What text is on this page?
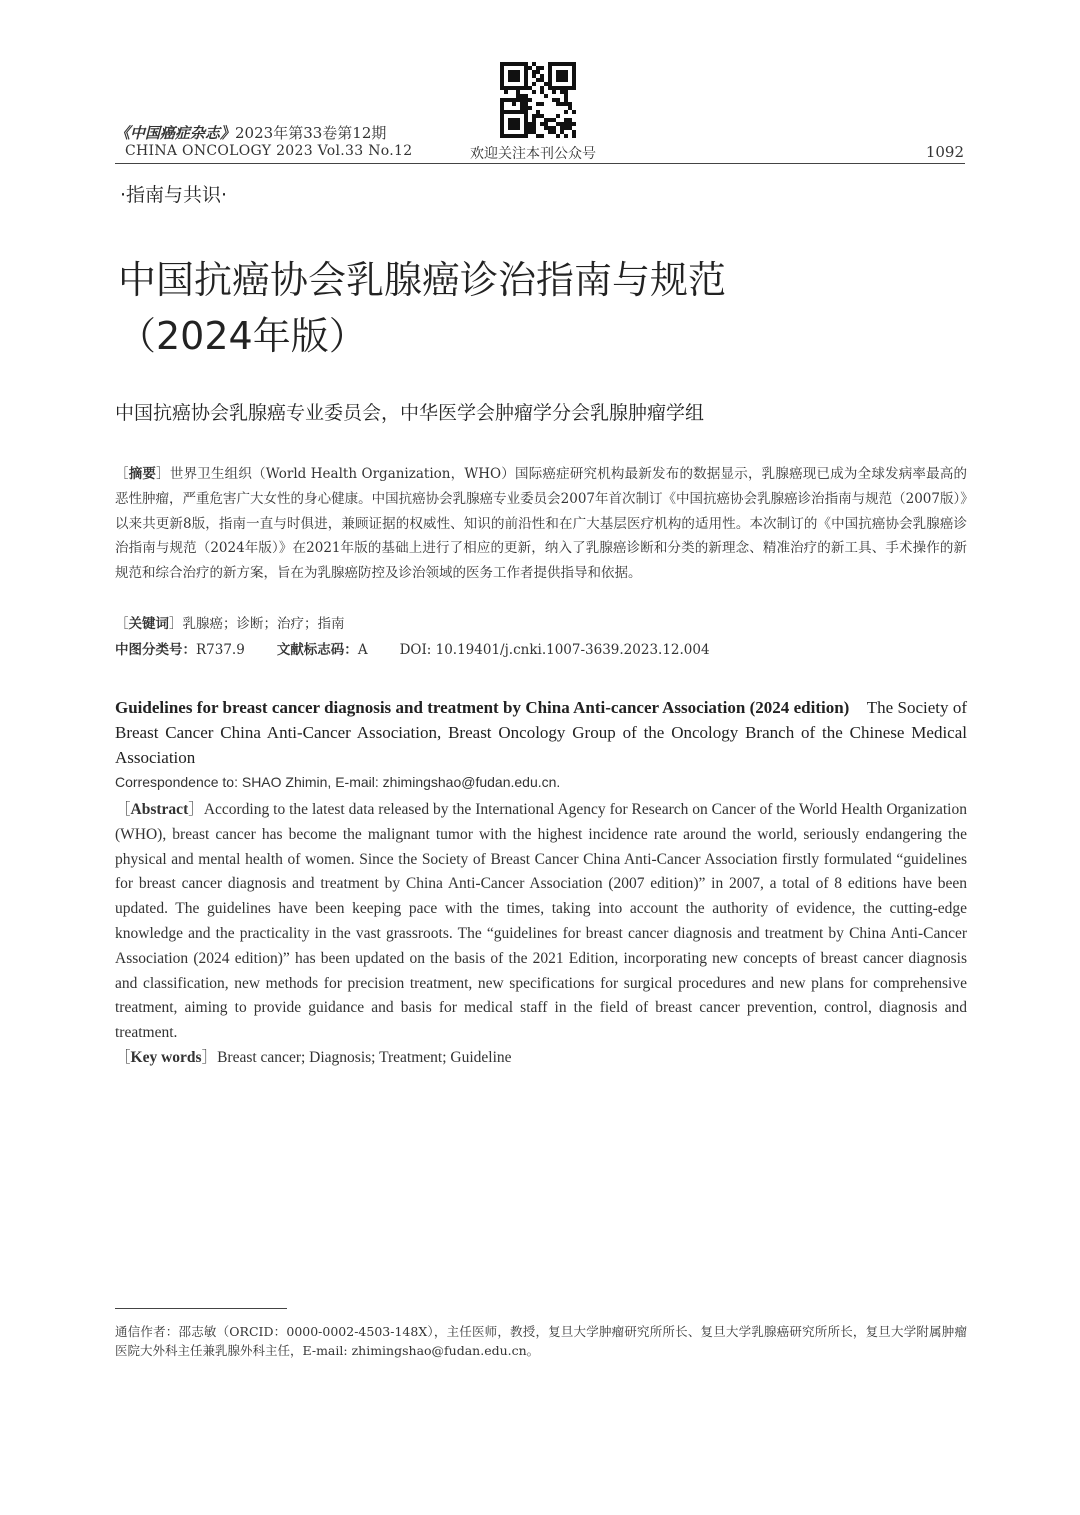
《中国癌症杂志》2023年第33卷第12期
CHINA ONCOLOGY 2023 Vol.33 No.12	欢迎关注本刊公众号	1092
·指南与共识·
中国抗癌协会乳腺癌诊治指南与规范
（2024年版）
中国抗癌协会乳腺癌专业委员会，中华医学会肿瘤学分会乳腺肿瘤学组
［摘要］世界卫生组织（World Health Organization，WHO）国际癌症研究机构最新发布的数据显示，乳腺癌现已成为全球发病率最高的恶性肿瘤，严重危害广大女性的身心健康。中国抗癌协会乳腺癌专业委员会2007年首次制订《中国抗癌协会乳腺癌诊治指南与规范（2007版）》以来共更新8版，指南一直与时俱进，兼顾证据的权威性、知识的前沿性和在广大基层医疗机构的适用性。本次制订的《中国抗癌协会乳腺癌诊治指南与规范（2024年版）》在2021年版的基础上进行了相应的更新，纳入了乳腺癌诊断和分类的新理念、精准治疗的新工具、手术操作的新规范和综合治疗的新方案，旨在为乳腺癌防控及诊治领域的医务工作者提供指导和依据。
［关键词］乳腺癌；诊断；治疗；指南
中图分类号：R737.9 文献标志码：A DOI: 10.19401/j.cnki.1007-3639.2023.12.004
Guidelines for breast cancer diagnosis and treatment by China Anti-cancer Association (2024 edition) The Society of Breast Cancer China Anti-Cancer Association, Breast Oncology Group of the Oncology Branch of the Chinese Medical Association
Correspondence to: SHAO Zhimin, E-mail: zhimingshao@fudan.edu.cn.
［Abstract］According to the latest data released by the International Agency for Research on Cancer of the World Health Organization (WHO), breast cancer has become the malignant tumor with the highest incidence rate around the world, seriously endangering the physical and mental health of women. Since the Society of Breast Cancer China Anti-Cancer Association firstly formulated “guidelines for breast cancer diagnosis and treatment by China Anti-Cancer Association (2007 edition)” in 2007, a total of 8 editions have been updated. The guidelines have been keeping pace with the times, taking into account the authority of evidence, the cutting-edge knowledge and the practicality in the vast grassroots. The “guidelines for breast cancer diagnosis and treatment by China Anti-Cancer Association (2024 edition)” has been updated on the basis of the 2021 Edition, incorporating new concepts of breast cancer diagnosis and classification, new methods for precision treatment, new specifications for surgical procedures and new plans for comprehensive treatment, aiming to provide guidance and basis for medical staff in the field of breast cancer prevention, control, diagnosis and treatment.
［Key words］Breast cancer; Diagnosis; Treatment; Guideline
通信作者：邵志敏（ORCID：0000-0002-4503-148X），主任医师，教授，复旦大学肿瘤研究所所长、复旦大学乳腺癌研究所所长，复旦大学附属肿瘤医院大外科主任兼乳腺外科主任，E-mail: zhimingshao@fudan.edu.cn。
